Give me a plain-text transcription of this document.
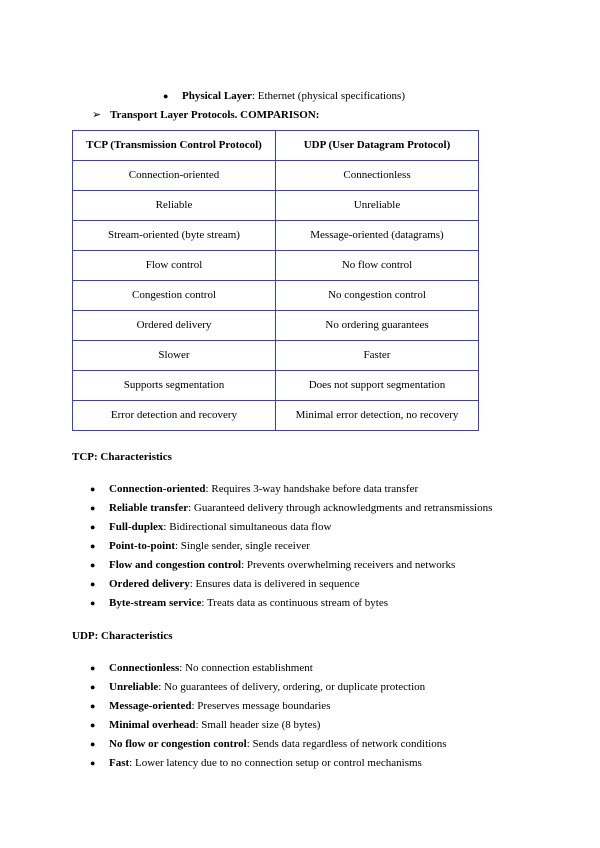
● Physical Layer: Ethernet (physical specifications)
➢ Transport Layer Protocols. COMPARISON:
TCP (Transmission Control Protocol)	UDP (User Datagram Protocol)
Connection-oriented	Connectionless
Reliable	Unreliable
Stream-oriented (byte stream)	Message-oriented (datagrams)
Flow control	No flow control
Congestion control	No congestion control
Ordered delivery	No ordering guarantees
Slower	Faster
Supports segmentation	Does not support segmentation
Error detection and recovery	Minimal error detection, no recovery
TCP: Characteristics
● Connection-oriented: Requires 3-way handshake before data transfer
● Reliable transfer: Guaranteed delivery through acknowledgments and retransmissions
● Full-duplex: Bidirectional simultaneous data flow
● Point-to-point: Single sender, single receiver
● Flow and congestion control: Prevents overwhelming receivers and networks
● Ordered delivery: Ensures data is delivered in sequence
● Byte-stream service: Treats data as continuous stream of bytes
UDP: Characteristics
● Connectionless: No connection establishment
● Unreliable: No guarantees of delivery, ordering, or duplicate protection
● Message-oriented: Preserves message boundaries
● Minimal overhead: Small header size (8 bytes)
● No flow or congestion control: Sends data regardless of network conditions
● Fast: Lower latency due to no connection setup or control mechanisms
